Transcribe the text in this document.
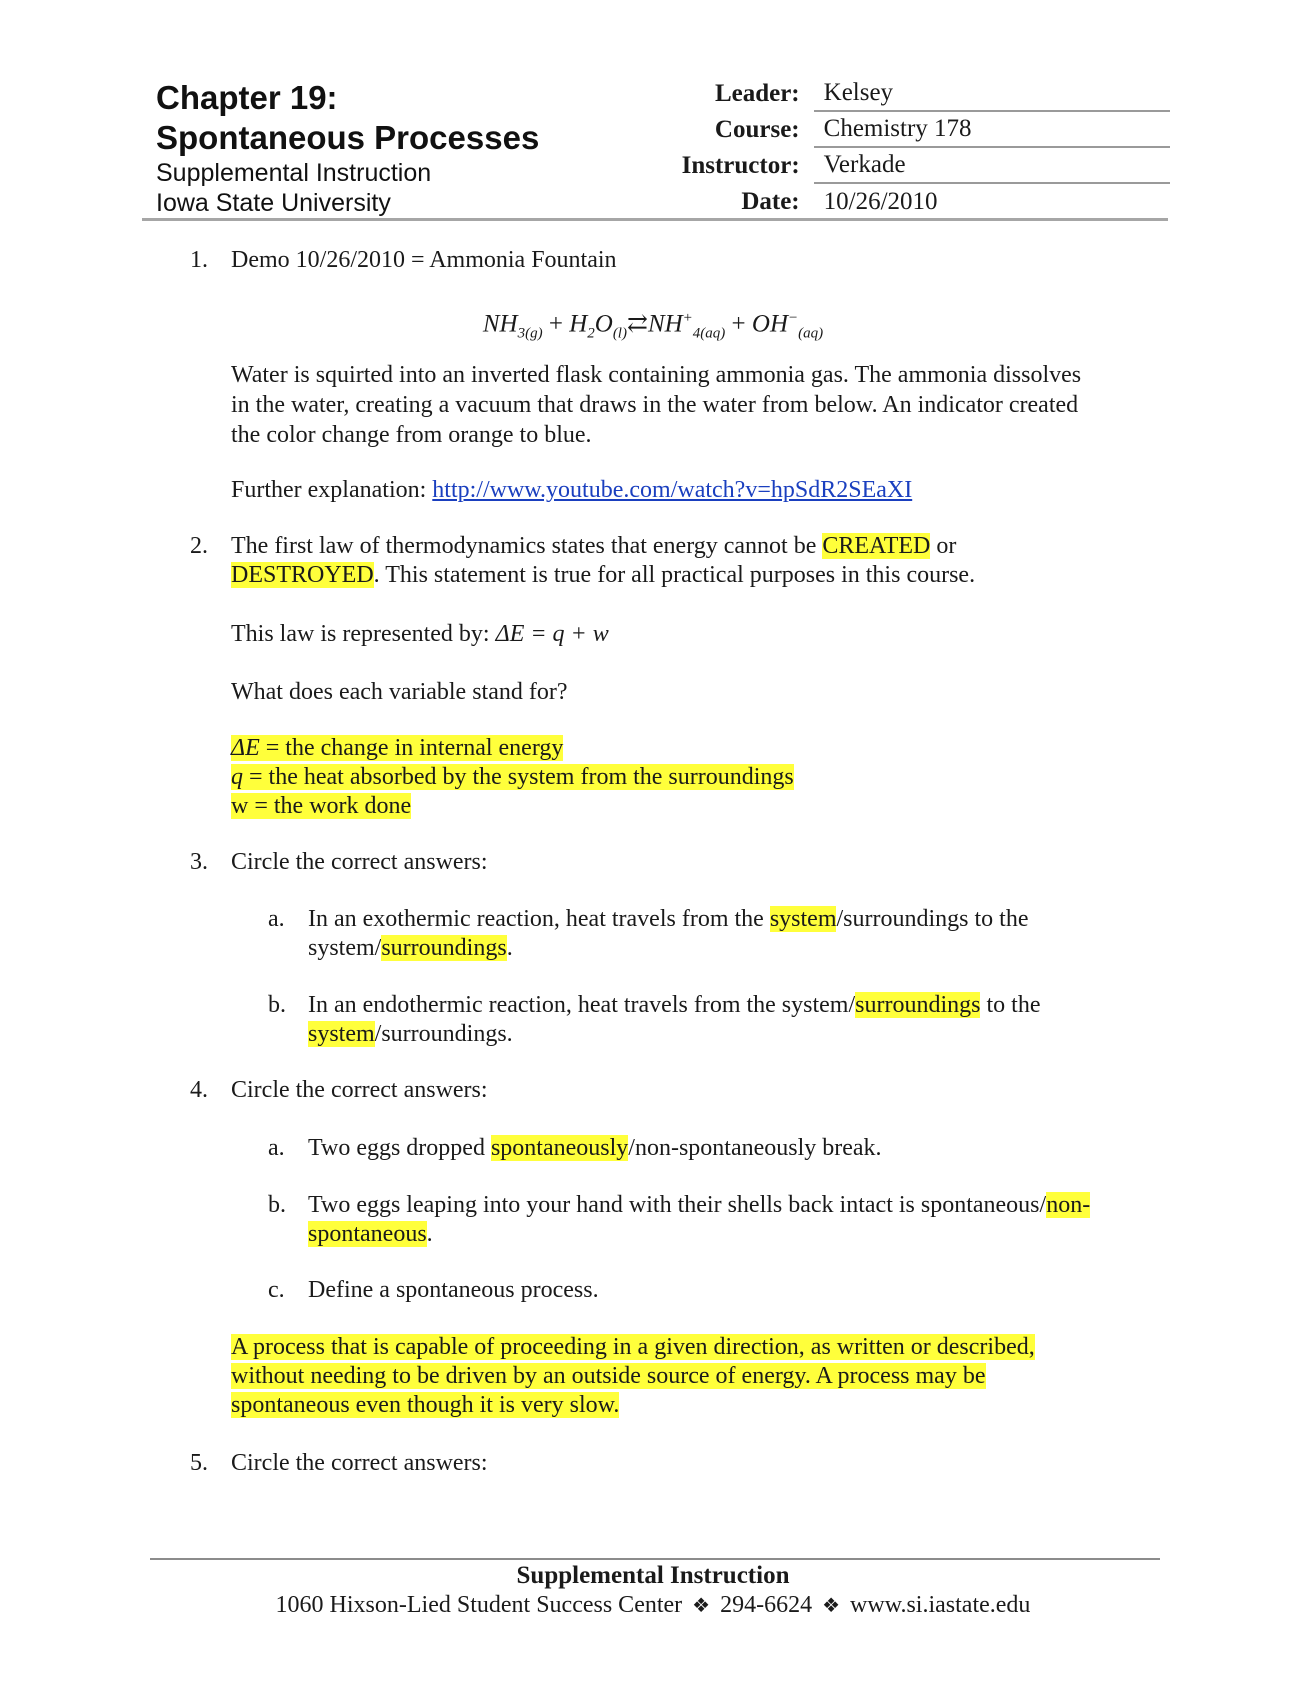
Chapter 19:
Spontaneous Processes
Supplemental Instruction
Iowa State University
Leader: Kelsey
Course: Chemistry 178
Instructor: Verkade
Date: 10/26/2010
1. Demo 10/26/2010 = Ammonia Fountain
$NH_{3(g)}$ + $H_2O_{(l)}⇄NH^+_{4(aq)} + OH^-_{(aq)}$
Water is squirted into an inverted flask containing ammonia gas. The ammonia dissolves
in the water, creating a vacuum that draws in the water from below. An indicator created
the color change from orange to blue.
Further explanation: http://www.youtube.com/watch?v=hpSdR2SEaXI
2. The first law of thermodynamics states that energy cannot be CREATED or
DESTROYED. This statement is true for all practical purposes in this course.
This law is represented by: ΔE = q + w
What does each variable stand for?
ΔE = the change in internal energy
q = the heat absorbed by the system from the surroundings
w = the work done
3. Circle the correct answers:
a. In an exothermic reaction, heat travels from the system/surroundings to the
system/surroundings.
b. In an endothermic reaction, heat travels from the system/surroundings to the
system/surroundings.
4. Circle the correct answers:
a. Two eggs dropped spontaneously/non-spontaneously break.
b. Two eggs leaping into your hand with their shells back intact is spontaneous/non-
spontaneous.
c. Define a spontaneous process.
A process that is capable of proceeding in a given direction, as written or described,
without needing to be driven by an outside source of energy. A process may be
spontaneous even though it is very slow.
5. Circle the correct answers:
Supplemental Instruction
1060 Hixson-Lied Student Success Center ❖ 294-6624 ❖ www.si.iastate.edu
